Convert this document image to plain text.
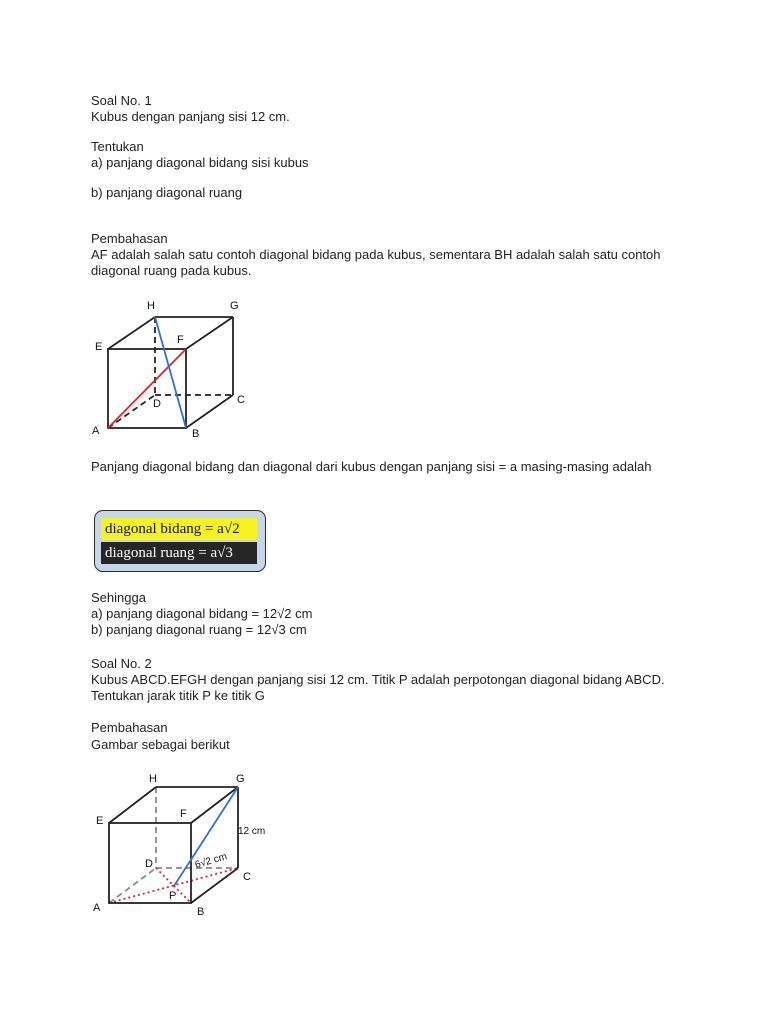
Soal No. 1
Kubus dengan panjang sisi 12 cm.
Tentukan
a) panjang diagonal bidang sisi kubus
b) panjang diagonal ruang
Pembahasan
AF adalah salah satu contoh diagonal bidang pada kubus, sementara BH adalah salah satu contoh diagonal ruang pada kubus.
H	G
E
F
D	C
A	B
Panjang diagonal bidang dan diagonal dari kubus dengan panjang sisi = a masing-masing adalah
diagonal bidang = a√2
diagonal ruang = a√3
Sehingga
a) panjang diagonal bidang = 12√2 cm
b) panjang diagonal ruang = 12√3 cm
Soal No. 2
Kubus ABCD.EFGH dengan panjang sisi 12 cm. Titik P adalah perpotongan diagonal bidang ABCD. Tentukan jarak titik P ke titik G
Pembahasan
Gambar sebagai berikut
H	G
E
F
D
C
P
A	B
12 cm
6√2 cm
